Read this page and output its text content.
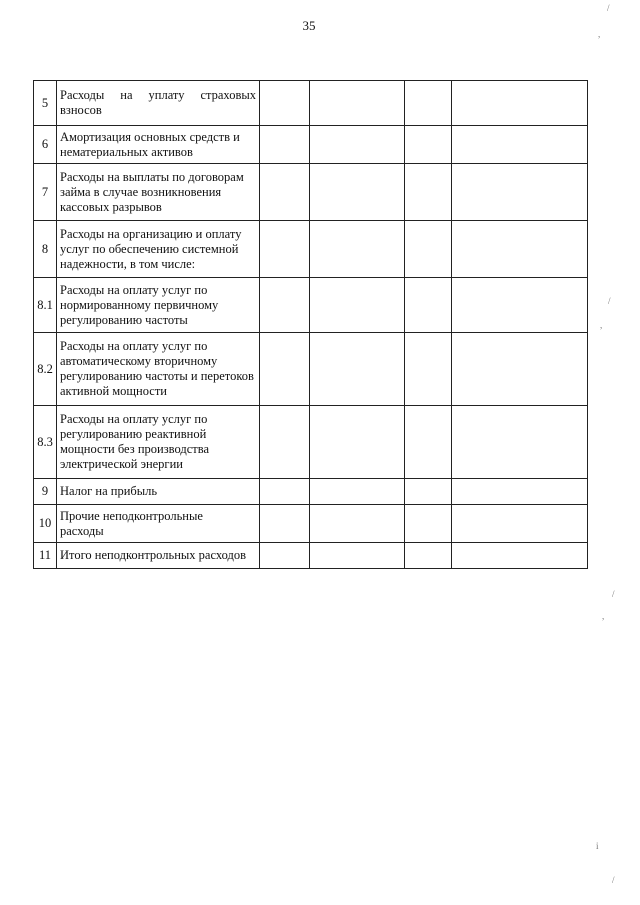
35
5	Расходы на уплату страховых взносов				
6	Амортизация основных средств и нематериальных активов				
7	Расходы на выплаты по договорам займа в случае возникновения кассовых разрывов				
8	Расходы на организацию и оплату услуг по обеспечению системной надежности, в том числе:				
8.1	Расходы на оплату услуг по нормированному первичному регулированию частоты				
8.2	Расходы на оплату услуг по автоматическому вторичному регулированию частоты и перетоков активной мощности				
8.3	Расходы на оплату услуг по регулированию реактивной мощности без производства электрической энергии				
9	Налог на прибыль				
10	Прочие неподконтрольные расходы				
11	Итого неподконтрольных расходов				
/
,
/
,
/
,
i
/
